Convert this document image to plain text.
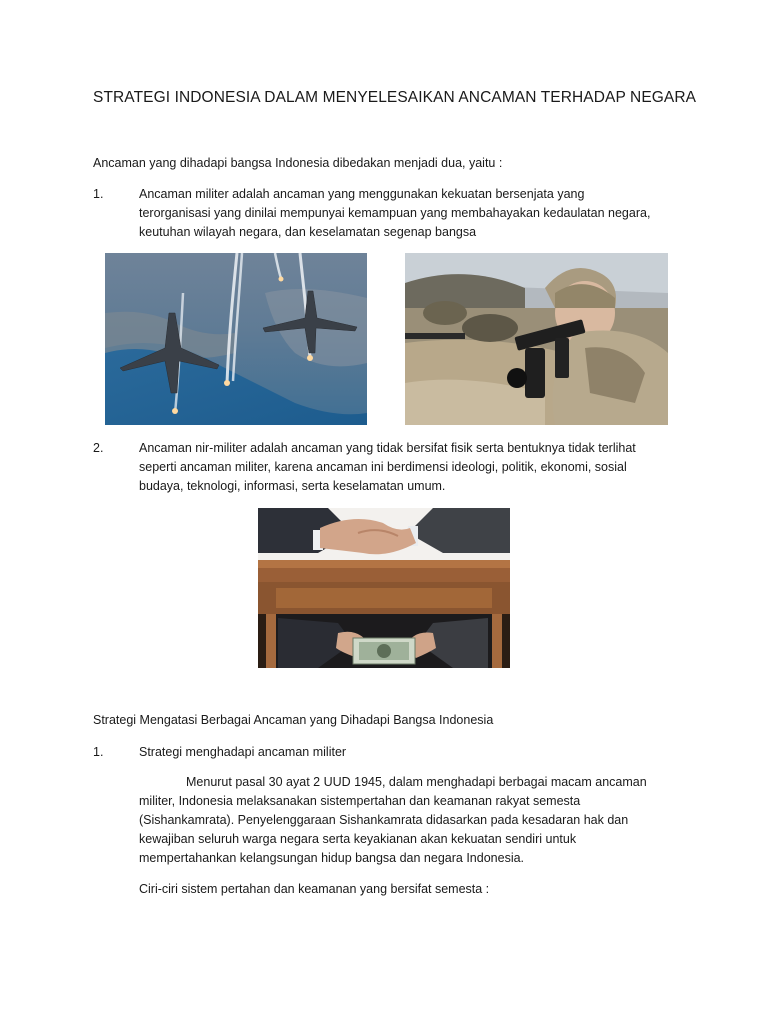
STRATEGI INDONESIA DALAM MENYELESAIKAN ANCAMAN TERHADAP NEGARA
Ancaman yang dihadapi bangsa Indonesia dibedakan menjadi dua, yaitu :
1.	Ancaman militer adalah ancaman yang menggunakan kekuatan bersenjata yang
terorganisasi yang dinilai mempunyai kemampuan yang membahayakan kedaulatan negara,
keutuhan wilayah negara, dan keselamatan segenap bangsa
2.	Ancaman nir-militer adalah ancaman yang tidak bersifat fisik serta bentuknya tidak terlihat
seperti ancaman militer, karena ancaman ini berdimensi ideologi, politik, ekonomi, sosial
budaya, teknologi, informasi, serta keselamatan umum.
Strategi Mengatasi Berbagai Ancaman yang Dihadapi Bangsa Indonesia
1.	Strategi menghadapi ancaman militer
Menurut pasal 30 ayat 2 UUD 1945, dalam menghadapi berbagai macam ancaman
militer, Indonesia melaksanakan sistempertahan dan keamanan rakyat semesta
(Sishankamrata). Penyelenggaraan Sishankamrata didasarkan pada kesadaran hak dan
kewajiban seluruh warga negara serta keyakianan akan kekuatan sendiri untuk
mempertahankan kelangsungan hidup bangsa dan negara Indonesia.
Ciri-ciri sistem pertahan dan keamanan yang bersifat semesta :
